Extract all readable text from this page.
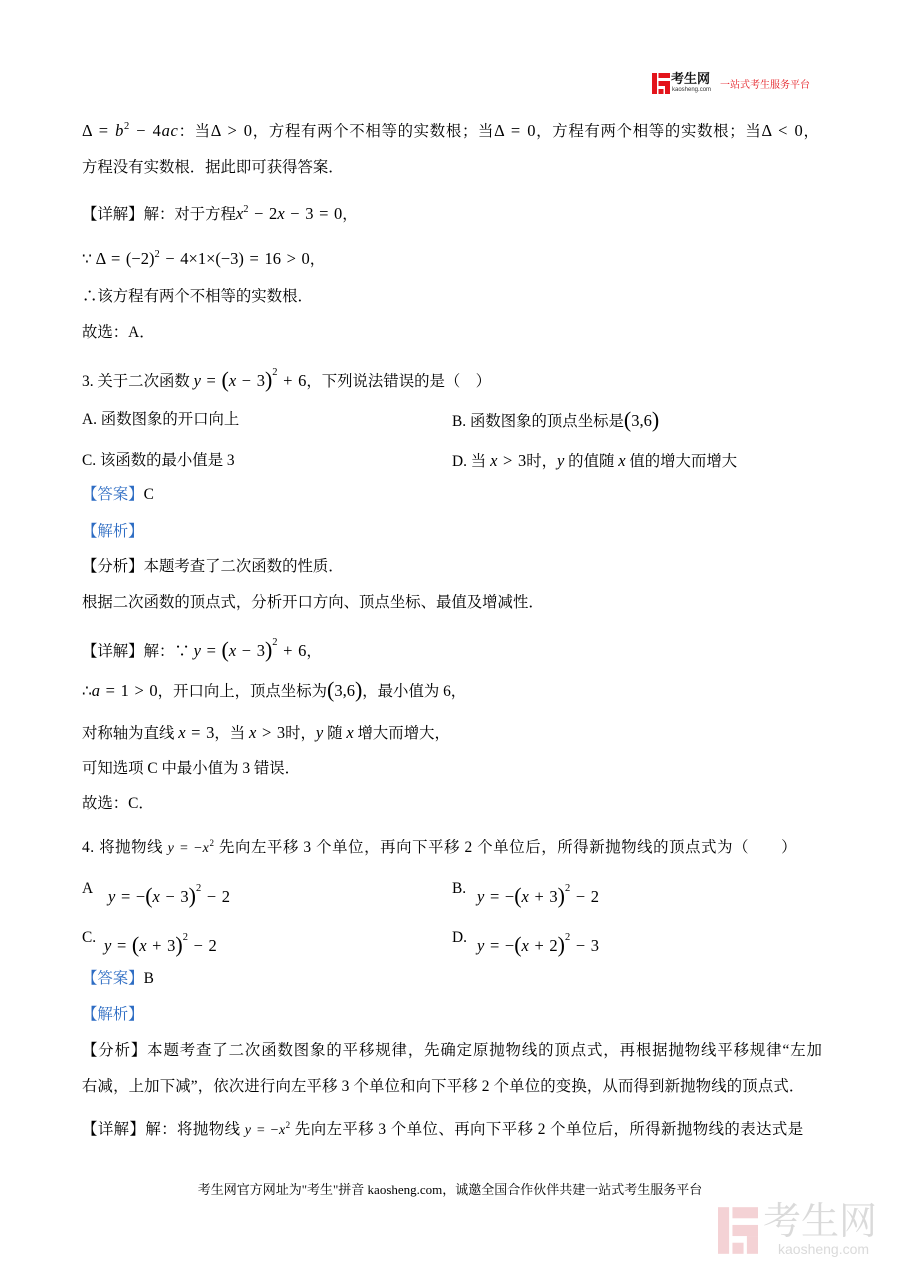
考生网
kaosheng.com 一站式考生服务平台
$\Delta = b^2 - 4ac$：当Δ > 0，方程有两个不相等的实数根；当Δ = 0，方程有两个相等的实数根；当Δ < 0，
方程没有实数根．据此即可获得答案．
【详解】解：对于方程$x^2 - 2x - 3 = 0$，
∵ $\Delta = (-2)^2 - 4\times 1\times(-3) = 16 > 0$，
∴该方程有两个不相等的实数根．
故选：A．
3. 关于二次函数 $y = (x - 3)^2 + 6$，下列说法错误的是（　）
A. 函数图象的开口向上	B. 函数图象的顶点坐标是(3,6)
C. 该函数的最小值是 3	D. 当 x > 3时，y 的值随 x 值的增大而增大
【答案】C
【解析】
【分析】本题考查了二次函数的性质．
根据二次函数的顶点式，分析开口方向、顶点坐标、最值及增减性．
【详解】解：∵ $y = (x - 3)^2 + 6$，
∴a = 1 > 0，开口向上，顶点坐标为(3,6)，最小值为 6，
对称轴为直线 x = 3，当 x > 3时，y 随 x 增大而增大，
可知选项 C 中最小值为 3 错误．
故选：C．
4. 将抛物线 $y = -x^2$ 先向左平移 3 个单位，再向下平移 2 个单位后，所得新抛物线的顶点式为（　　）
A $y = -(x - 3)^2 - 2$	B. $y = -(x + 3)^2 - 2$
C. $y = (x + 3)^2 - 2$	D. $y = -(x + 2)^2 - 3$
【答案】B
【解析】
【分析】本题考查了二次函数图象的平移规律，先确定原抛物线的顶点式，再根据抛物线平移规律“左加
右减，上加下减”，依次进行向左平移 3 个单位和向下平移 2 个单位的变换，从而得到新抛物线的顶点式．
【详解】解：将抛物线 $y = -x^2$ 先向左平移 3 个单位、再向下平移 2 个单位后，所得新抛物线的表达式是
考生网官方网址为"考生"拼音 kaosheng.com，诚邀全国合作伙伴共建一站式考生服务平台
考生网
kaosheng.com
